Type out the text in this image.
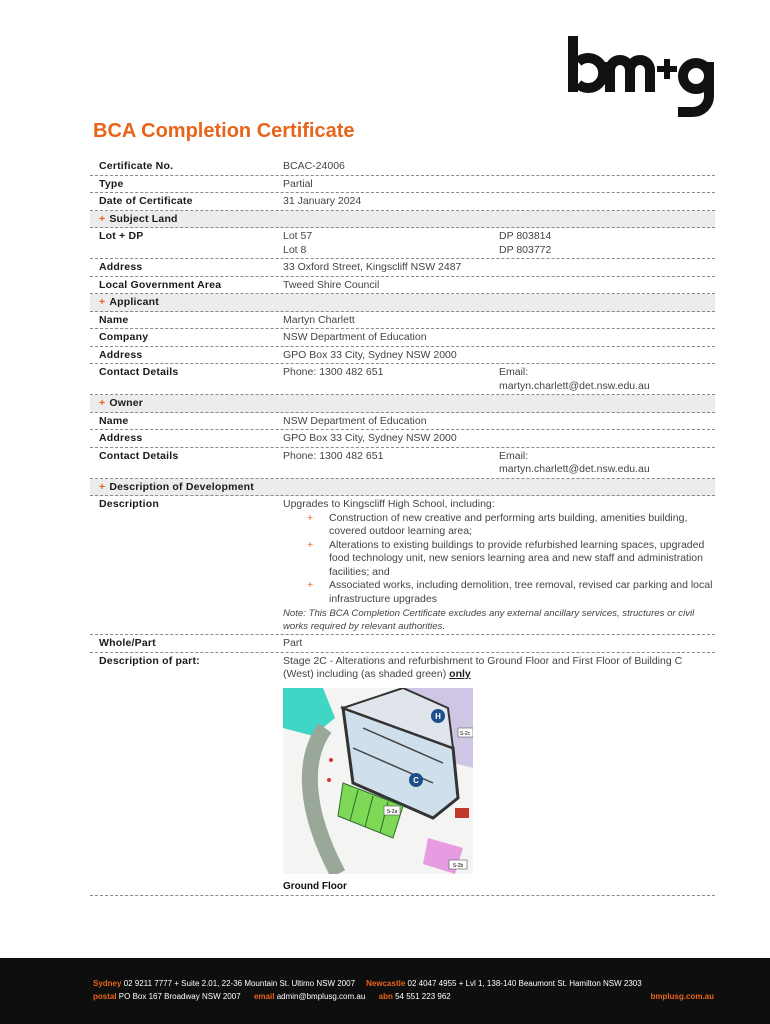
BCA Completion Certificate
Certificate No.	BCAC-24006
Type	Partial
Date of Certificate	31 January 2024
+ Subject Land
Lot + DP	Lot 57	DP 803814
Lot 8	DP 803772
Address	33 Oxford Street, Kingscliff NSW 2487
Local Government Area	Tweed Shire Council
+ Applicant
Name	Martyn Charlett
Company	NSW Department of Education
Address	GPO Box 33 City, Sydney NSW 2000
Contact Details	Phone: 1300 482 651	Email:
martyn.charlett@det.nsw.edu.au
+ Owner
Name	NSW Department of Education
Address	GPO Box 33 City, Sydney NSW 2000
Contact Details	Phone: 1300 482 651	Email:
martyn.charlett@det.nsw.edu.au
+ Description of Development
Description	Upgrades to Kingscliff High School, including:
+ Construction of new creative and performing arts building, amenities building, covered outdoor learning area;
+ Alterations to existing buildings to provide refurbished learning spaces, upgraded food technology unit, new seniors learning area and new staff and administration facilities; and
+ Associated works, including demolition, tree removal, revised car parking and local infrastructure upgrades
Note: This BCA Completion Certificate excludes any external ancillary services, structures or civil works required by relevant authorities.
Whole/Part	Part
Description of part:	Stage 2C - Alterations and refurbishment to Ground Floor and First Floor of Building C (West) including (as shaded green) only
H
C
S-2a
S-2b
S-2c
Ground Floor
Sydney 02 9211 7777 + Suite 2.01, 22-36 Mountain St. Ultimo NSW 2007 Newcastle 02 4047 4955 + Lvl 1, 138-140 Beaumont St. Hamilton NSW 2303
postal PO Box 167 Broadway NSW 2007 email admin@bmplusg.com.au abn 54 551 223 962	bmplusg.com.au
